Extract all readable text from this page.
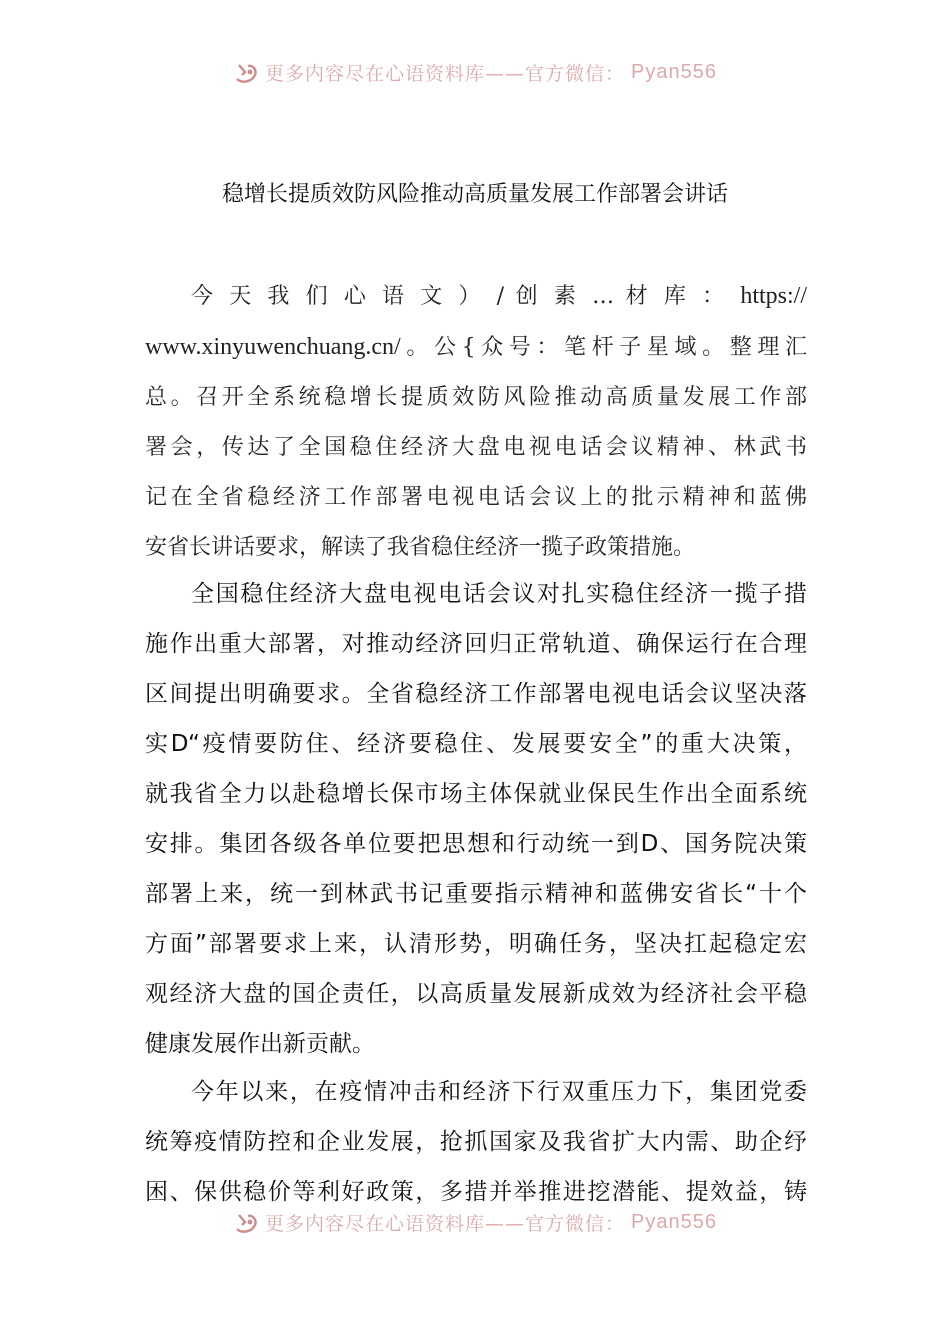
更多内容尽在心语资料库——官方微信： Pyan556
稳增长提质效防风险推动高质量发展工作部署会讲话
今 天 我 们 心 语 文 ） / 创 素 … 材 库 ： https://
www.xinyuwenchuang.cn/。公{众号：笔杆子星域。整理汇
总。召开全系统稳增长提质效防风险推动高质量发展工作部
署会，传达了全国稳住经济大盘电视电话会议精神、林武书
记在全省稳经济工作部署电视电话会议上的批示精神和蓝佛
安省长讲话要求，解读了我省稳住经济一揽子政策措施。
全国稳住经济大盘电视电话会议对扎实稳住经济一揽子措
施作出重大部署，对推动经济回归正常轨道、确保运行在合理
区间提出明确要求。全省稳经济工作部署电视电话会议坚决落
实D“疫情要防住、经济要稳住、发展要安全”的重大决策，
就我省全力以赴稳增长保市场主体保就业保民生作出全面系统
安排。集团各级各单位要把思想和行动统一到D、国务院决策
部署上来，统一到林武书记重要指示精神和蓝佛安省长“十个
方面”部署要求上来，认清形势，明确任务，坚决扛起稳定宏
观经济大盘的国企责任，以高质量发展新成效为经济社会平稳
健康发展作出新贡献。
今年以来，在疫情冲击和经济下行双重压力下，集团党委
统筹疫情防控和企业发展，抢抓国家及我省扩大内需、助企纾
困、保供稳价等利好政策，多措并举推进挖潜能、提效益，铸
更多内容尽在心语资料库——官方微信： Pyan556
